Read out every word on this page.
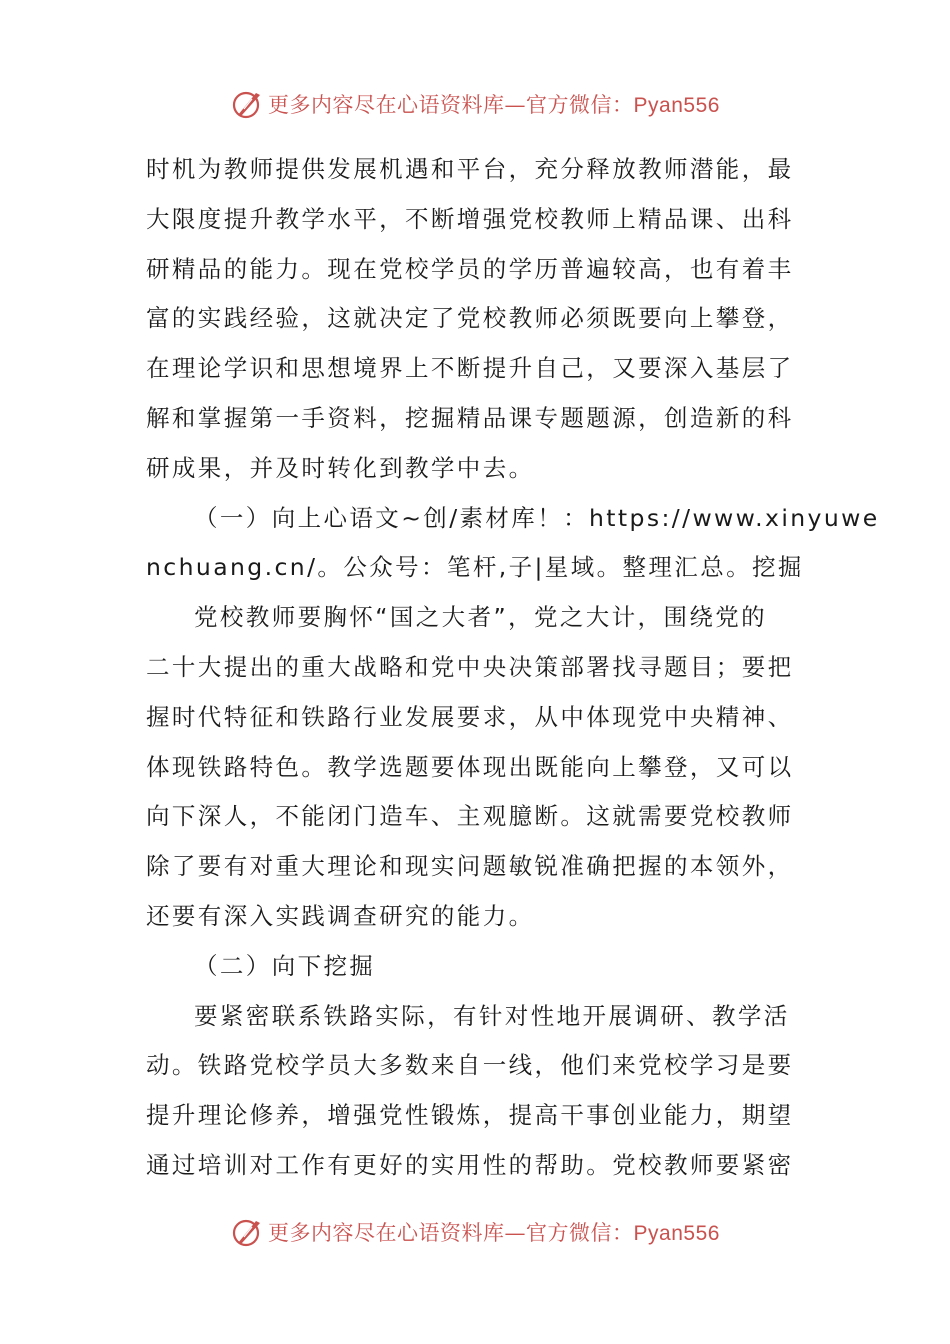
更多内容尽在心语资料库—官方微信：Pyan556
时机为教师提供发展机遇和平台，充分释放教师潜能，最
大限度提升教学水平，不断增强党校教师上精品课、出科
研精品的能力。现在党校学员的学历普遍较高，也有着丰
富的实践经验，这就决定了党校教师必须既要向上攀登，
在理论学识和思想境界上不断提升自己，又要深入基层了
解和掌握第一手资料，挖掘精品课专题题源，创造新的科
研成果，并及时转化到教学中去。
（一）向上心语文~创/素材库！：https://www.xinyuwe
nchuang.cn/。公众号：笔杆,子|星域。整理汇总。挖掘
党校教师要胸怀“国之大者”，党之大计，围绕党的
二十大提出的重大战略和党中央决策部署找寻题目；要把
握时代特征和铁路行业发展要求，从中体现党中央精神、
体现铁路特色。教学选题要体现出既能向上攀登，又可以
向下深人，不能闭门造车、主观臆断。这就需要党校教师
除了要有对重大理论和现实问题敏锐准确把握的本领外，
还要有深入实践调查研究的能力。
（二）向下挖掘
要紧密联系铁路实际，有针对性地开展调研、教学活
动。铁路党校学员大多数来自一线，他们来党校学习是要
提升理论修养，增强党性锻炼，提高干事创业能力，期望
通过培训对工作有更好的实用性的帮助。党校教师要紧密
更多内容尽在心语资料库—官方微信：Pyan556
